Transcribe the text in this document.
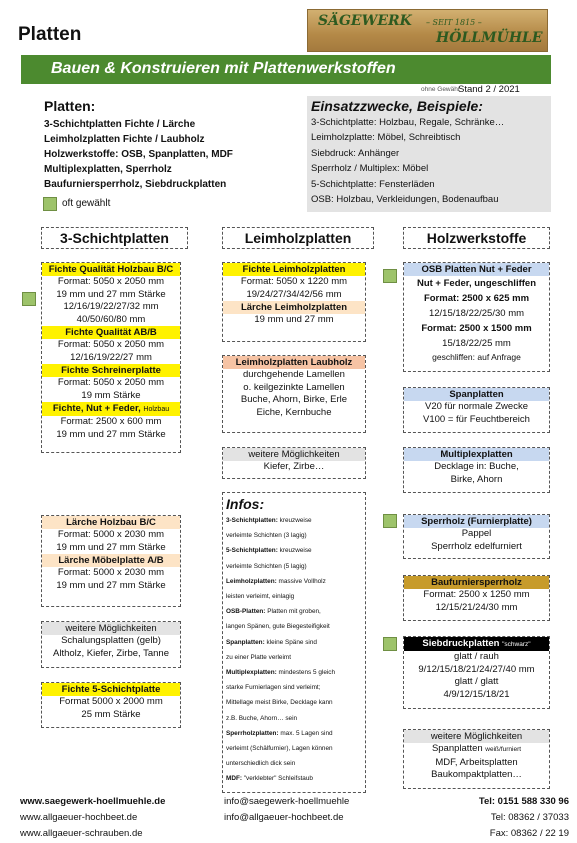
Platten
SÄGEWERK – SEIT 1815 –
HÖLLMÜHLE
Bauen & Konstruieren mit Plattenwerkstoffen
ohne Gewähr
Stand 2 / 2021
Platten:
3-Schichtplatten Fichte / Lärche
Leimholzplatten Fichte / Laubholz
Holzwerkstoffe: OSB, Spanplatten, MDF
Multiplexplatten, Sperrholz
Baufurniersperrholz, Siebdruckplatten
oft gewählt
Einsatzzwecke, Beispiele:
3-Schichtplatte: Holzbau, Regale, Schränke…
Leimholzplatte: Möbel, Schreibtisch
Siebdruck: Anhänger
Sperrholz / Multiplex: Möbel
5-Schichtplatte: Fensterläden
OSB: Holzbau, Verkleidungen, Bodenaufbau
3-Schichtplatten	Leimholzplatten	Holzwerkstoffe
Fichte Qualität Holzbau B/C
Format: 5050 x 2050 mm
19 mm und 27 mm Stärke
12/16/19/22/27/32 mm
40/50/60/80 mm
Fichte Qualität AB/B
Format: 5050 x 2050 mm
12/16/19/22/27 mm
Fichte Schreinerplatte
Format: 5050 x 2050 mm
19 mm Stärke
Fichte, Nut + Feder, Holzbau
Format: 2500 x 600 mm
19 mm und 27 mm Stärke
Lärche Holzbau B/C
Format: 5000 x 2030 mm
19 mm und 27 mm Stärke
Lärche Möbelplatte A/B
Format: 5000 x 2030 mm
19 mm und 27 mm Stärke
weitere Möglichkeiten
Schalungsplatten (gelb)
Altholz, Kiefer, Zirbe, Tanne
Fichte 5-Schichtplatte
Format 5000 x 2000 mm
25 mm Stärke
Fichte Leimholzplatten
Format: 5050 x 1220 mm
19/24/27/34/42/56 mm
Lärche Leimholzplatten
19 mm und 27 mm
Leimholzplatten Laubholz
durchgehende Lamellen
o. keilgezinkte Lamellen
Buche, Ahorn, Birke, Erle
Eiche, Kernbuche
weitere Möglichkeiten
Kiefer, Zirbe…
Infos:
3-Schichtplatten: kreuzweise
verleimte Schichten (3 lagig)
5-Schichtplatten: kreuzweise
verleimte Schichten (5 lagig)
Leimholzplatten: massive Vollholz
leisten verleimt, einlagig
OSB-Platten: Platten mit groben,
langen Spänen, gute Biegesteifigkeit
Spanplatten: kleine Späne sind
zu einer Platte verleimt
Multiplexplatten: mindestens 5 gleich
starke Furnierlagen sind verleimt;
Mittellage meist Birke, Decklage kann
z.B. Buche, Ahorn… sein
Sperrholzplatten: max. 5 Lagen sind
verleimt (Schälfurnier), Lagen können
unterschiedlich dick sein
MDF: "verklebter" Schleifstaub
OSB Platten Nut + Feder
Nut + Feder, ungeschliffen
Format: 2500 x 625 mm
12/15/18/22/25/30 mm
Format: 2500 x 1500 mm
15/18/22/25 mm
geschliffen: auf Anfrage
Spanplatten
V20 für normale Zwecke
V100 = für Feuchtbereich
Multiplexplatten
Decklage in: Buche,
Birke, Ahorn
Sperrholz (Furnierplatte)
Pappel
Sperrholz edelfurniert
Baufurniersperrholz
Format: 2500 x 1250 mm
12/15/21/24/30 mm
Siebdruckplatten "schwarz"
glatt / rauh
9/12/15/18/21/24/27/40 mm
glatt / glatt
4/9/12/15/18/21
weitere Möglichkeiten
Spanplatten weiß/furniert
MDF, Arbeitsplatten
Baukompaktplatten…
www.saegewerk-hoellmuehle.de
www.allgaeuer-hochbeet.de
www.allgaeuer-schrauben.de
info@saegewerk-hoellmuehle
info@allgaeuer-hochbeet.de
Tel: 0151 588 330 96
Tel: 08362 / 37033
Fax: 08362 / 22 19
